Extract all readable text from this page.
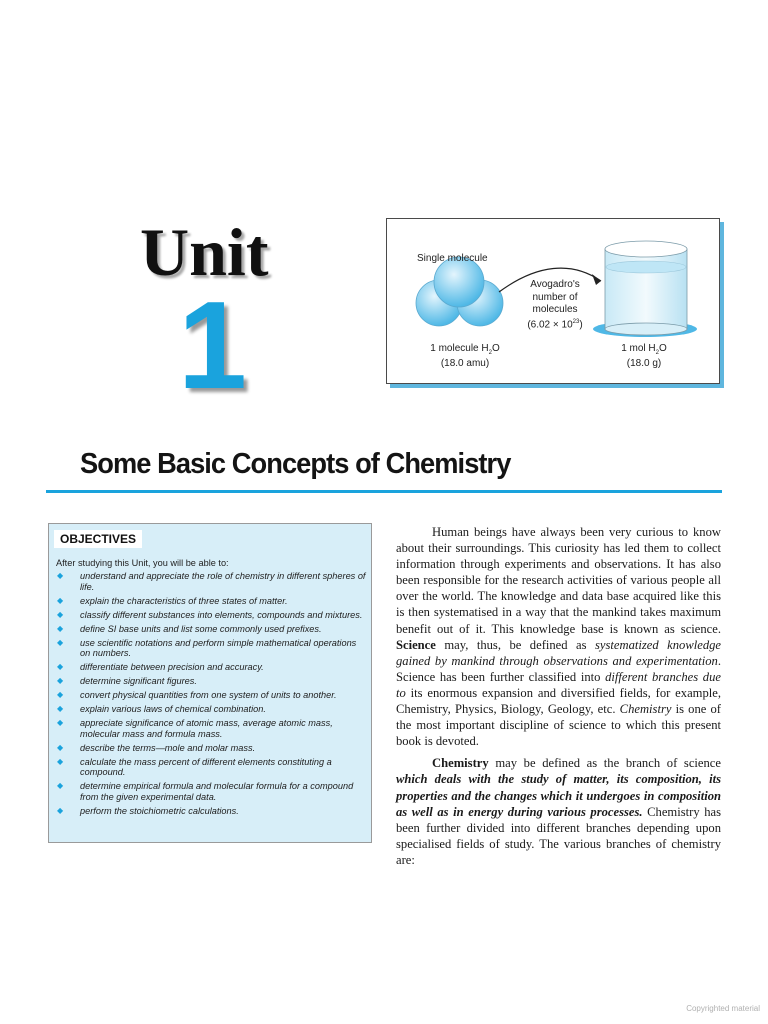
Unit
1
Single molecule
Avogadro's
number of
molecules
$(6.02 \times 10^{23})$
1 molecule $H_2O$
(18.0 amu)
1 mol $H_2O$
(18.0 g)
Some Basic Concepts of Chemistry
OBJECTIVES
After studying this Unit, you will be able to:
◆ understand and appreciate the role of chemistry in different spheres of life.
◆ explain the characteristics of three states of matter.
◆ classify different substances into elements, compounds and mixtures.
◆ define SI base units and list some commonly used prefixes.
◆ use scientific notations and perform simple mathematical operations on numbers.
◆ differentiate between precision and accuracy.
◆ determine significant figures.
◆ convert physical quantities from one system of units to another.
◆ explain various laws of chemical combination.
◆ appreciate significance of atomic mass, average atomic mass, molecular mass and formula mass.
◆ describe the terms—mole and molar mass.
◆ calculate the mass percent of different elements constituting a compound.
◆ determine empirical formula and molecular formula for a compound from the given experimental data.
◆ perform the stoichiometric calculations.

Human beings have always been very curious to know about their surroundings. This curiosity has led them to collect information through experiments and observations. It has also been responsible for the research activities of various people all over the world. The knowledge and data base acquired like this is then systematised in a way that the mankind takes maximum benefit out of it. This knowledge base is known as science. Science may, thus, be defined as systematized knowledge gained by mankind through observations and experimentation. Science has been further classified into different branches due to its enormous expansion and diversified fields, for example, Chemistry, Physics, Biology, Geology, etc. Chemistry is one of the most important discipline of science to which this present book is devoted.

Chemistry may be defined as the branch of science which deals with the study of matter, its composition, its properties and the changes which it undergoes in composition as well as in energy during various processes. Chemistry has been further divided into different branches depending upon specialised fields of study. The various branches of chemistry are:

Copyrighted material
